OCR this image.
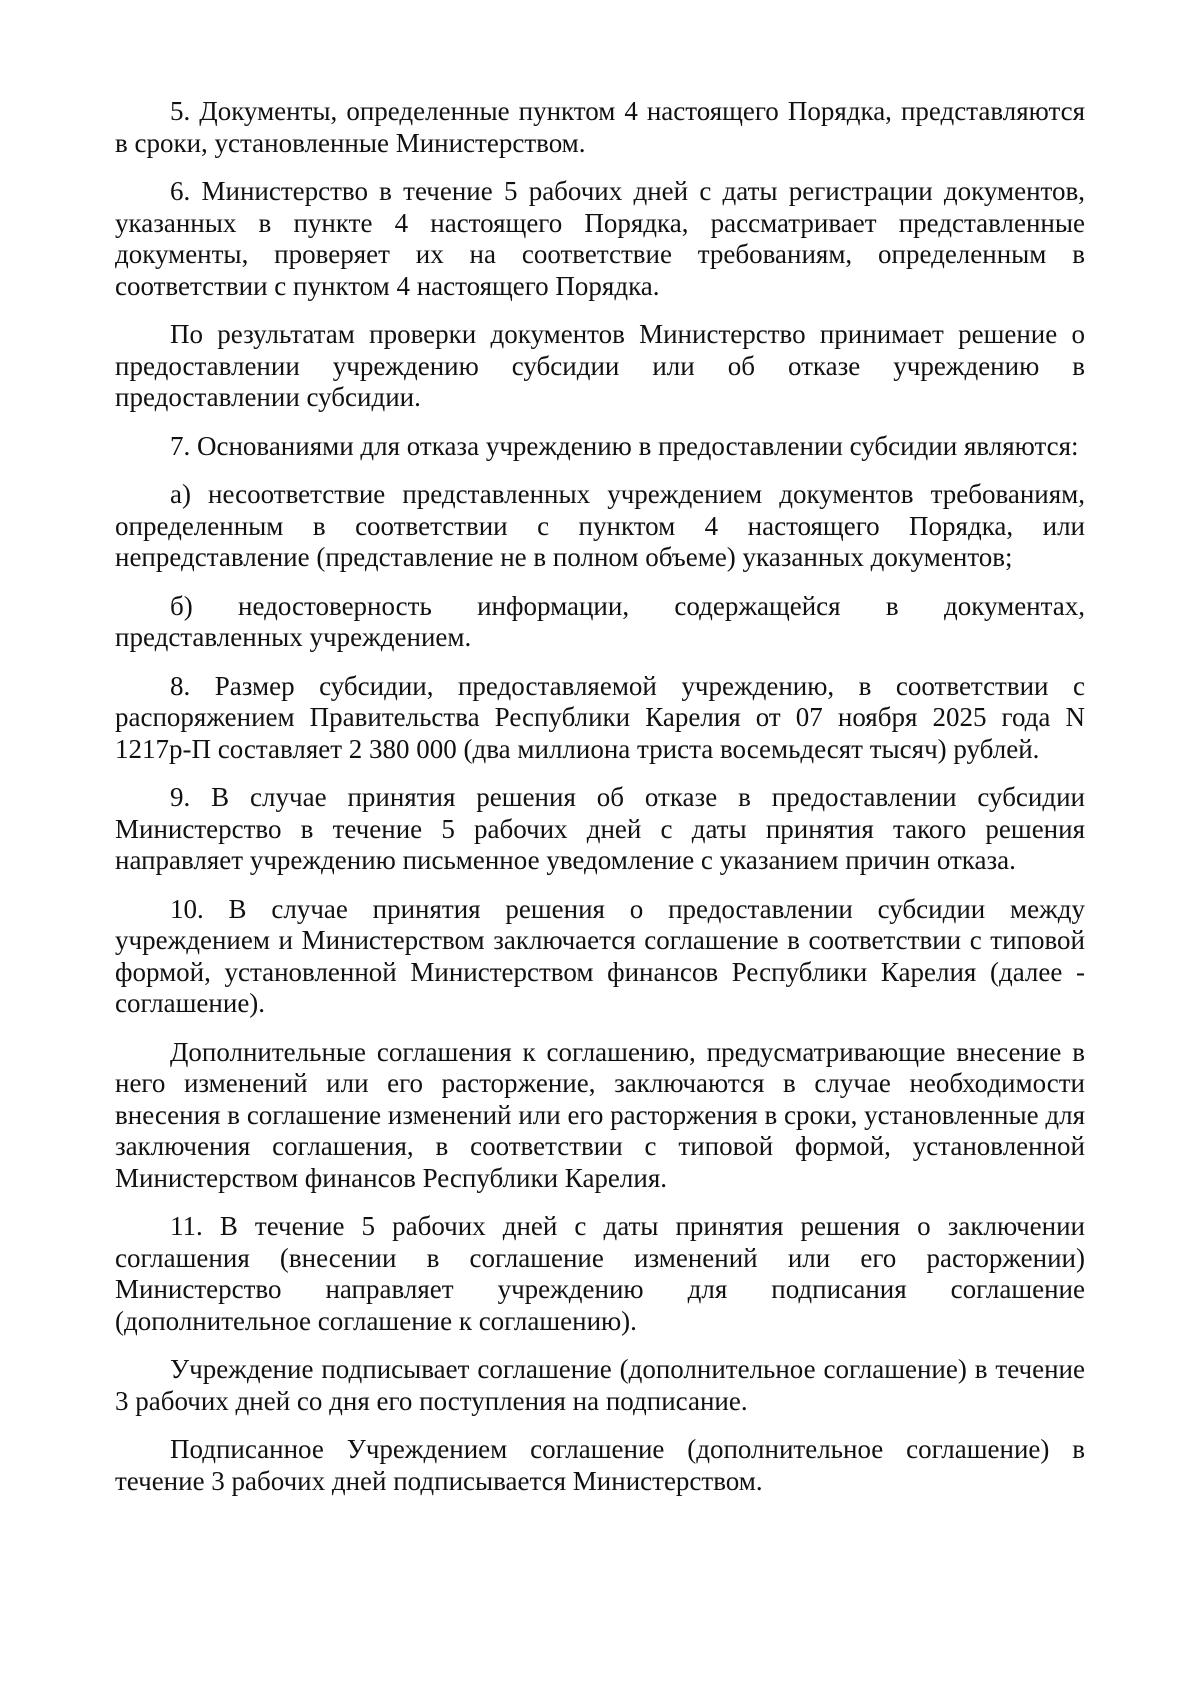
5. Документы, определенные пунктом 4 настоящего Порядка, представляются в сроки, установленные Министерством.

6. Министерство в течение 5 рабочих дней с даты регистрации документов, указанных в пункте 4 настоящего Порядка, рассматривает представленные документы, проверяет их на соответствие требованиям, определенным в соответствии с пунктом 4 настоящего Порядка.

По результатам проверки документов Министерство принимает решение о предоставлении учреждению субсидии или об отказе учреждению в предоставлении субсидии.

7. Основаниями для отказа учреждению в предоставлении субсидии являются:

а) несоответствие представленных учреждением документов требованиям, определенным в соответствии с пунктом 4 настоящего Порядка, или непредставление (представление не в полном объеме) указанных документов;

б) недостоверность информации, содержащейся в документах, представленных учреждением.

8. Размер субсидии, предоставляемой учреждению, в соответствии с распоряжением Правительства Республики Карелия от 07 ноября 2025 года N 1217р-П составляет 2 380 000 (два миллиона триста восемьдесят тысяч) рублей.

9. В случае принятия решения об отказе в предоставлении субсидии Министерство в течение 5 рабочих дней с даты принятия такого решения направляет учреждению письменное уведомление с указанием причин отказа.

10. В случае принятия решения о предоставлении субсидии между учреждением и Министерством заключается соглашение в соответствии с типовой формой, установленной Министерством финансов Республики Карелия (далее - соглашение).

Дополнительные соглашения к соглашению, предусматривающие внесение в него изменений или его расторжение, заключаются в случае необходимости внесения в соглашение изменений или его расторжения в сроки, установленные для заключения соглашения, в соответствии с типовой формой, установленной Министерством финансов Республики Карелия.

11. В течение 5 рабочих дней с даты принятия решения о заключении соглашения (внесении в соглашение изменений или его расторжении) Министерство направляет учреждению для подписания соглашение (дополнительное соглашение к соглашению).

Учреждение подписывает соглашение (дополнительное соглашение) в течение 3 рабочих дней со дня его поступления на подписание.

Подписанное Учреждением соглашение (дополнительное соглашение) в течение 3 рабочих дней подписывается Министерством.
